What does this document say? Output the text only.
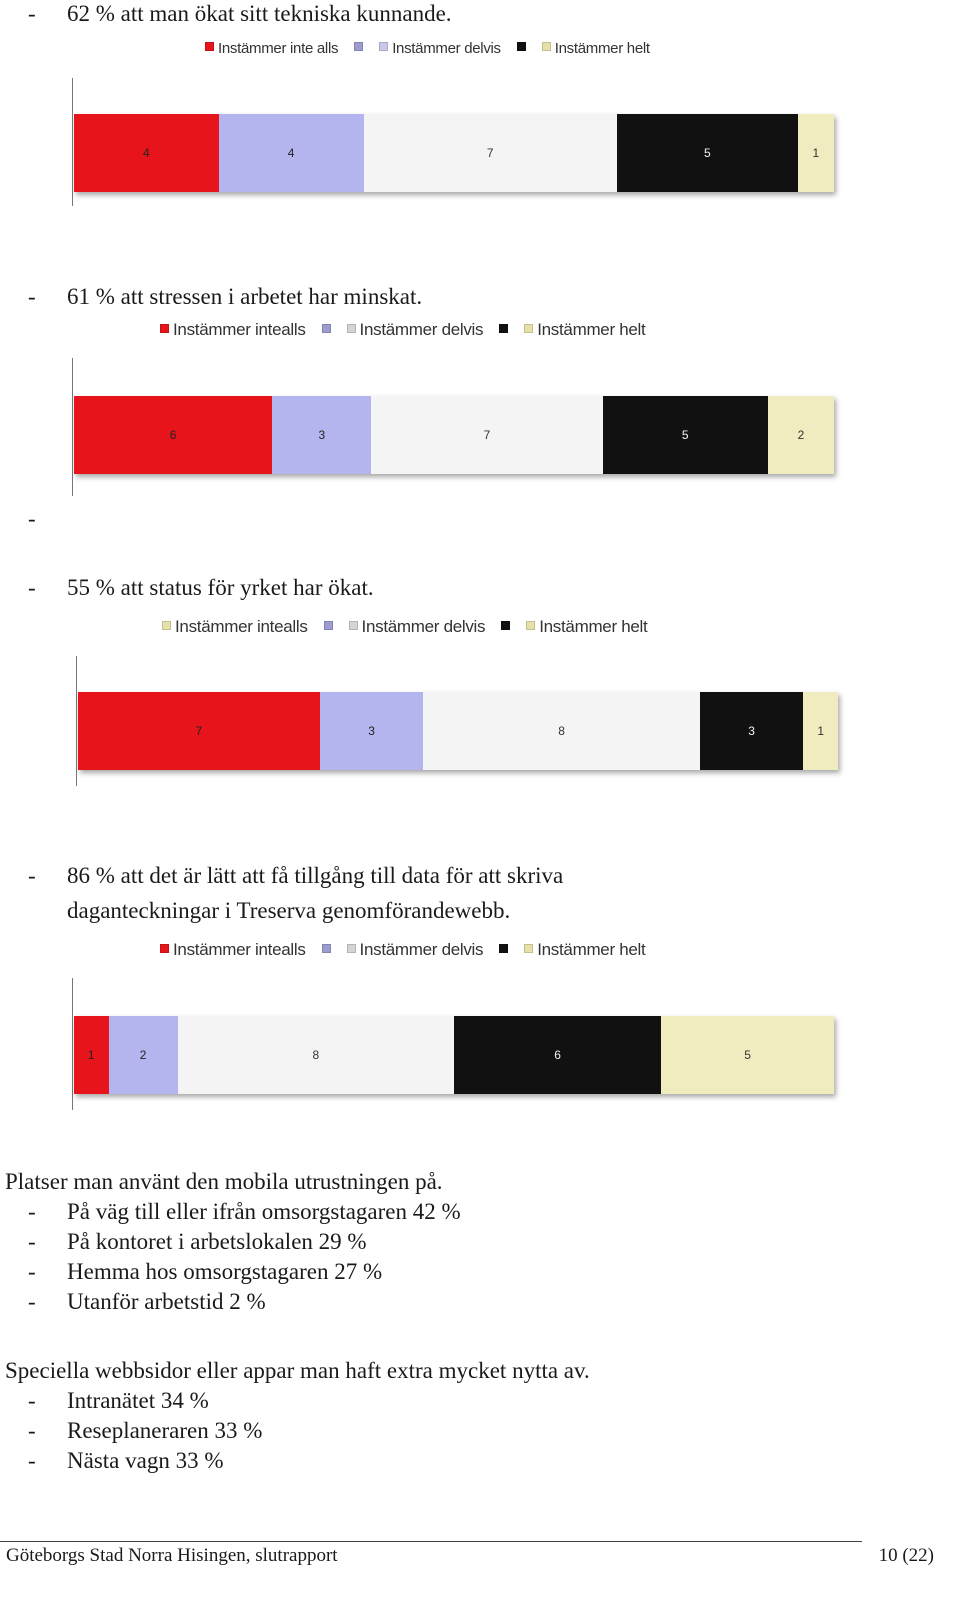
- 62 % att man ökat sitt tekniska kunnande.
Instämmer inte alls	Instämmer delvis	Instämmer helt
4	4	7	5	1
- 61 % att stressen i arbetet har minskat.
Instämmer intealls	Instämmer delvis	Instämmer helt
6	3	7	5	2
-
- 55 % att status för yrket har ökat.
Instämmer intealls	Instämmer delvis	Instämmer helt
7	3	8	3	1
- 86 % att det är lätt att få tillgång till data för att skriva
daganteckningar i Treserva genomförandewebb.
Instämmer intealls	Instämmer delvis	Instämmer helt
1	2	8	6	5
Platser man använt den mobila utrustningen på.
- På väg till eller ifrån omsorgstagaren 42 %
- På kontoret i arbetslokalen 29 %
- Hemma hos omsorgstagaren 27 %
- Utanför arbetstid 2 %
Speciella webbsidor eller appar man haft extra mycket nytta av.
- Intranätet 34 %
- Reseplaneraren 33 %
- Nästa vagn 33 %
Göteborgs Stad Norra Hisingen, slutrapport	10 (22)
